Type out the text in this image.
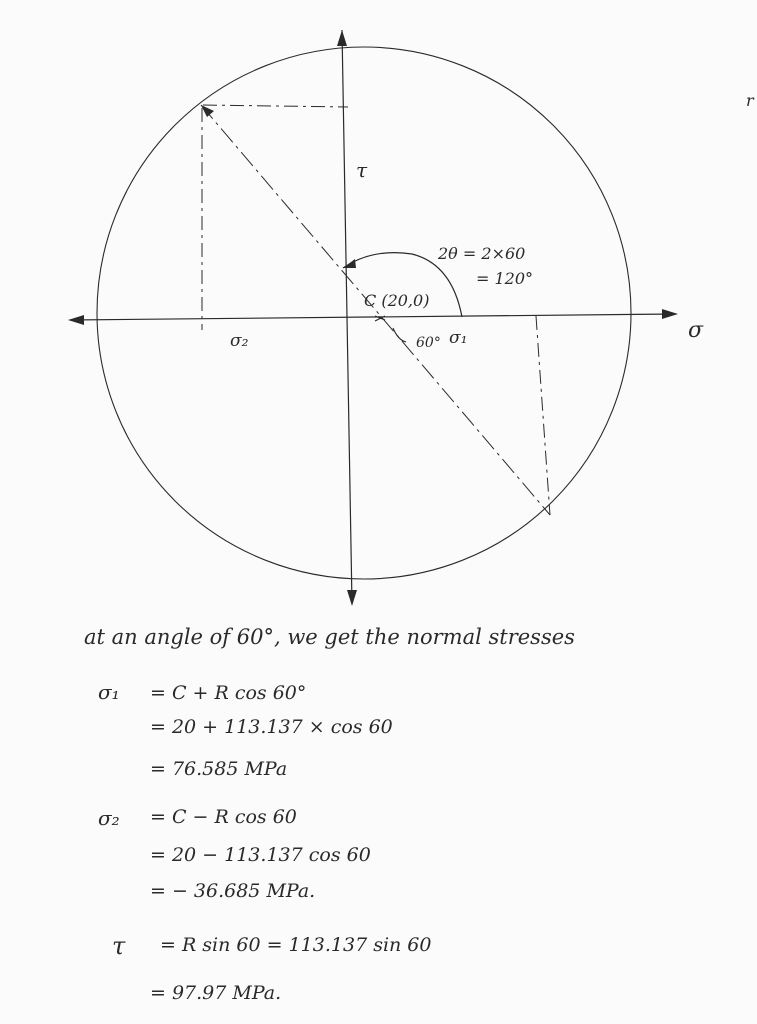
τ
2θ = 2×60
= 120°
C (20,0)
60° σ₁
σ₂	σ
r
at an angle of 60°, we get the normal stresses
σ₁ = C + R cos 60°
= 20 + 113.137 × cos 60
= 76.585 MPa
σ₂ = C − R cos 60
= 20 − 113.137 cos 60
= − 36.685 MPa.
τ = R sin 60 = 113.137 sin 60
= 97.97 MPa.
